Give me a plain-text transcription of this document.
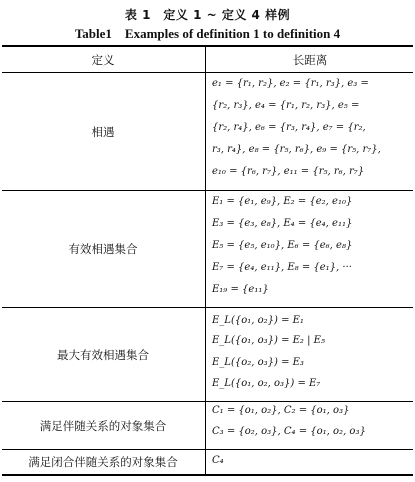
表 1　定义 1 ~ 定义 4 样例
Table1　Examples of definition 1 to definition 4
定义	长距离
相遇
e₁ = {r₁, r₂}, e₂ = {r₁, r₃}, e₃ =
{r₂, r₃}, e₄ = {r₁, r₂, r₃}, e₅ =
{r₂, r₄}, e₆ = {r₃, r₄}, e₇ = {r₂,
r₃, r₄}, e₈ = {r₅, r₆}, e₉ = {r₅, r₇},
e₁₀ = {r₆, r₇}, e₁₁ = {r₅, r₆, r₇}
有效相遇集合
E₁ = {e₁, e₉}, E₂ = {e₂, e₁₀}
E₃ = {e₃, e₈}, E₄ = {e₄, e₁₁}
E₅ = {e₅, e₁₀}, E₆ = {e₆, e₈}
E₇ = {e₄, e₁₁}, E₈ = {e₁}, ···
E₁₉ = {e₁₁}
最大有效相遇集合
E_L({o₁, o₂}) = E₁
E_L({o₁, o₃}) = E₂ | E₅
E_L({o₂, o₃}) = E₃
E_L({o₁, o₂, o₃}) = E₇
满足伴随关系的对象集合
C₁ = {o₁, o₂}, C₂ = {o₁, o₃}
C₃ = {o₂, o₃}, C₄ = {o₁, o₂, o₃}
满足闭合伴随关系的对象集合	C₄
